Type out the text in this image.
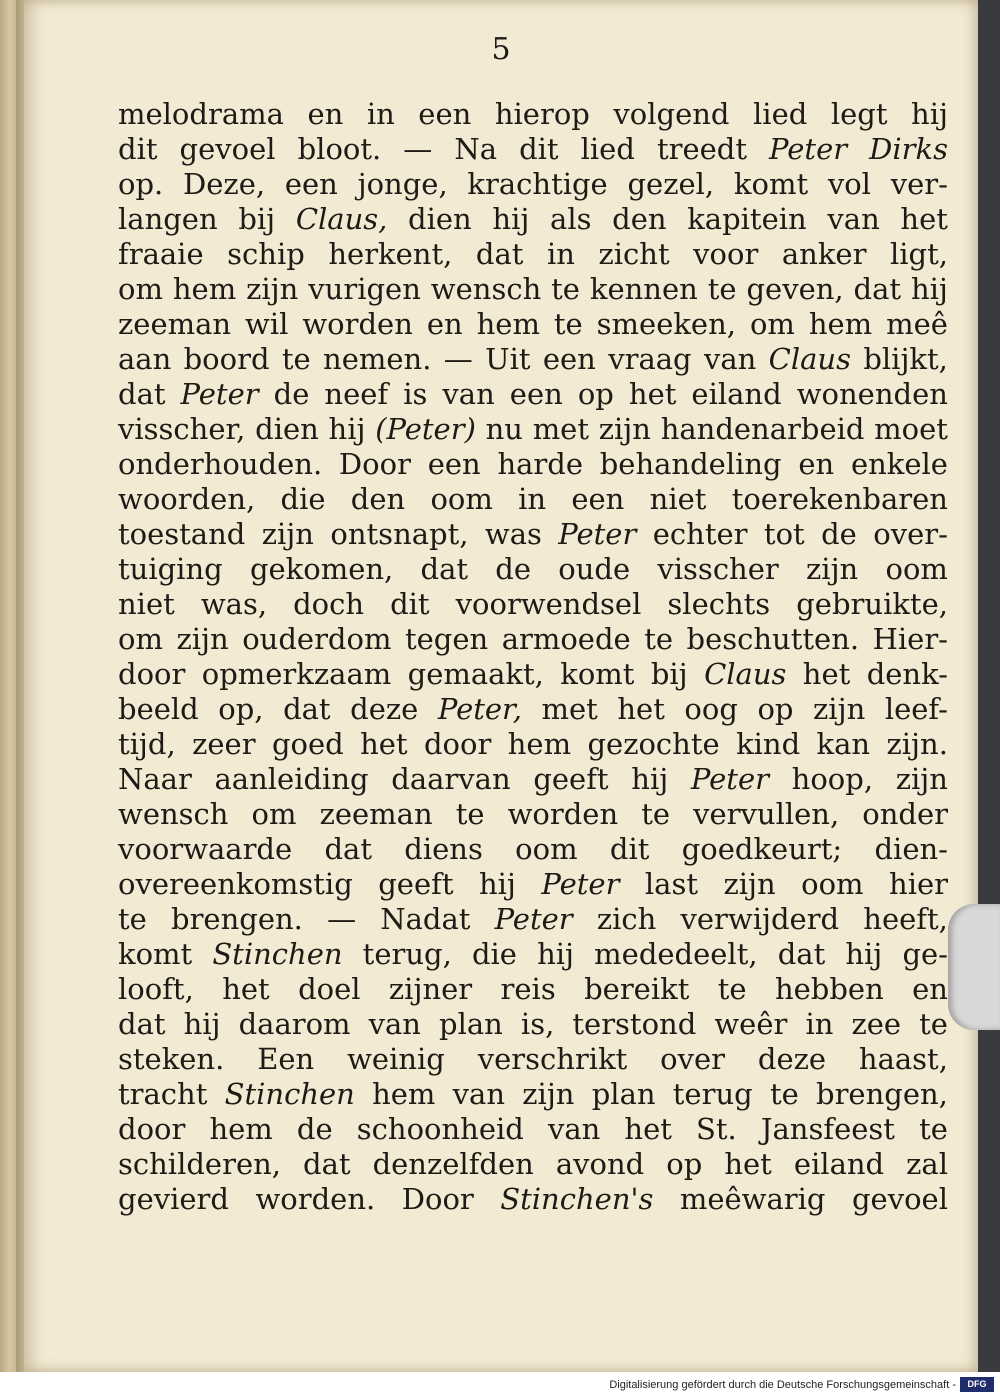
5
melodrama en in een hierop volgend lied legt hij
dit gevoel bloot. — Na dit lied treedt Peter Dirks
op. Deze, een jonge, krachtige gezel, komt vol ver-
langen bij Claus, dien hij als den kapitein van het
fraaie schip herkent, dat in zicht voor anker ligt,
om hem zijn vurigen wensch te kennen te geven, dat hij
zeeman wil worden en hem te smeeken, om hem meê
aan boord te nemen. — Uit een vraag van Claus blijkt,
dat Peter de neef is van een op het eiland wonenden
visscher, dien hij (Peter) nu met zijn handenarbeid moet
onderhouden. Door een harde behandeling en enkele
woorden, die den oom in een niet toerekenbaren
toestand zijn ontsnapt, was Peter echter tot de over-
tuiging gekomen, dat de oude visscher zijn oom
niet was, doch dit voorwendsel slechts gebruikte,
om zijn ouderdom tegen armoede te beschutten. Hier-
door opmerkzaam gemaakt, komt bij Claus het denk-
beeld op, dat deze Peter, met het oog op zijn leef-
tijd, zeer goed het door hem gezochte kind kan zijn.
Naar aanleiding daarvan geeft hij Peter hoop, zijn
wensch om zeeman te worden te vervullen, onder
voorwaarde dat diens oom dit goedkeurt; dien-
overeenkomstig geeft hij Peter last zijn oom hier
te brengen. — Nadat Peter zich verwijderd heeft,
komt Stinchen terug, die hij mededeelt, dat hij ge-
looft, het doel zijner reis bereikt te hebben en
dat hij daarom van plan is, terstond weêr in zee te
steken. Een weinig verschrikt over deze haast,
tracht Stinchen hem van zijn plan terug te brengen,
door hem de schoonheid van het St. Jansfeest te
schilderen, dat denzelfden avond op het eiland zal
gevierd worden. Door Stinchen's meêwarig gevoel
Digitalisierung gefördert durch die Deutsche Forschungsgemeinschaft -	DFG
